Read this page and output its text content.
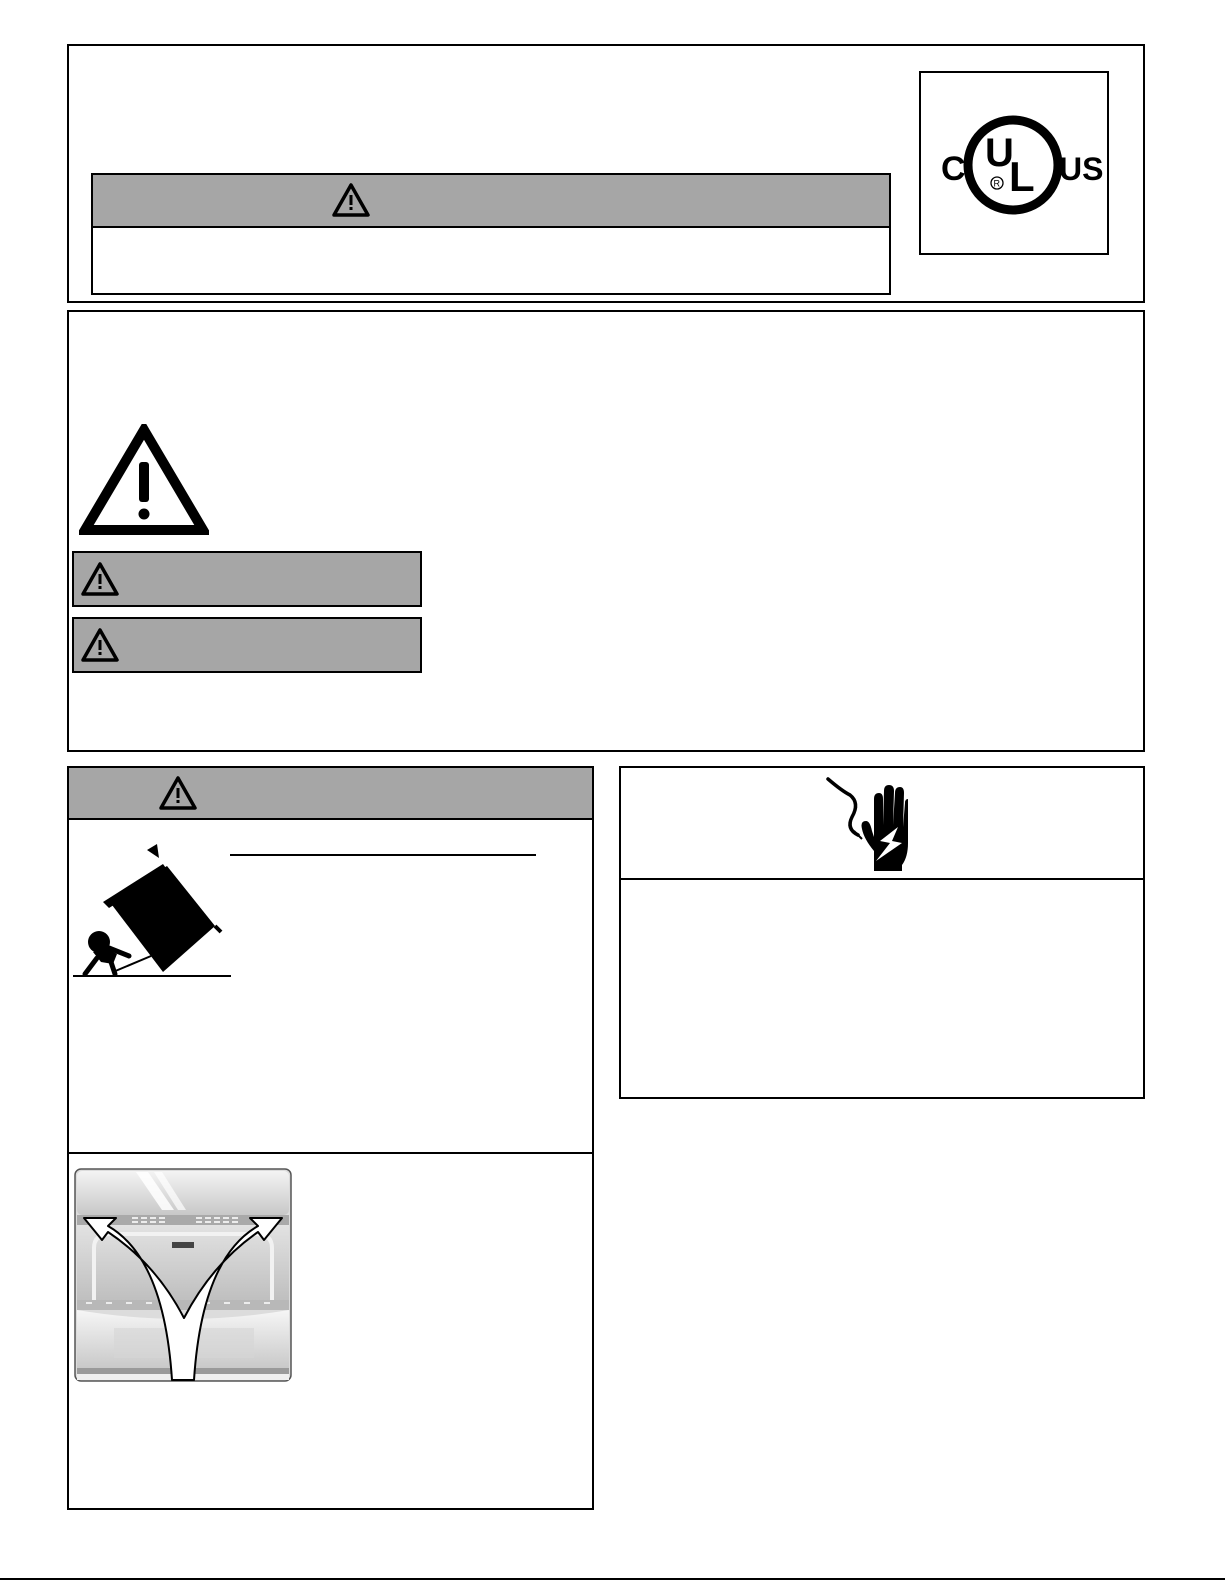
C	US
U
L
R
